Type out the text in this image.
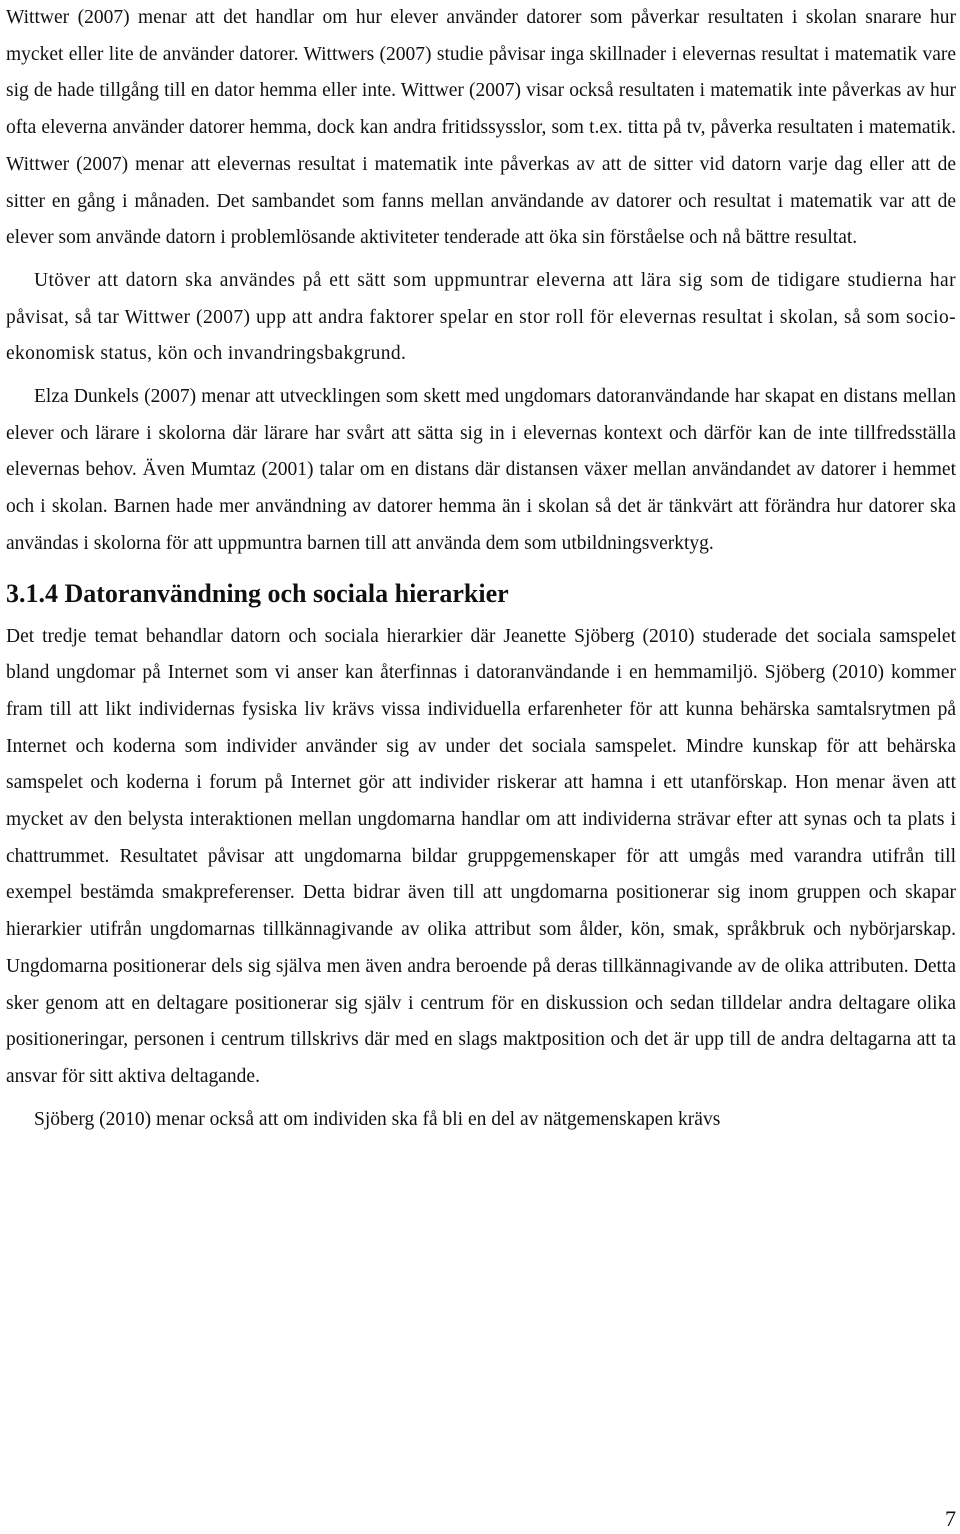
Wittwer (2007) menar att det handlar om hur elever använder datorer som påverkar resultaten i skolan snarare hur mycket eller lite de använder datorer. Wittwers (2007) studie påvisar inga skillnader i elevernas resultat i matematik vare sig de hade tillgång till en dator hemma eller inte. Wittwer (2007) visar också resultaten i matematik inte påverkas av hur ofta eleverna använder datorer hemma, dock kan andra fritidssysslor, som t.ex. titta på tv, påverka resultaten i matematik. Wittwer (2007) menar att elevernas resultat i matematik inte påverkas av att de sitter vid datorn varje dag eller att de sitter en gång i månaden. Det sambandet som fanns mellan användande av datorer och resultat i matematik var att de elever som använde datorn i problemlösande aktiviteter tenderade att öka sin förståelse och nå bättre resultat.

Utöver att datorn ska användes på ett sätt som uppmuntrar eleverna att lära sig som de tidigare studierna har påvisat, så tar Wittwer (2007) upp att andra faktorer spelar en stor roll för elevernas resultat i skolan, så som socio-ekonomisk status, kön och invandringsbakgrund.

Elza Dunkels (2007) menar att utvecklingen som skett med ungdomars datoranvändande har skapat en distans mellan elever och lärare i skolorna där lärare har svårt att sätta sig in i elevernas kontext och därför kan de inte tillfredsställa elevernas behov. Även Mumtaz (2001) talar om en distans där distansen växer mellan användandet av datorer i hemmet och i skolan. Barnen hade mer användning av datorer hemma än i skolan så det är tänkvärt att förändra hur datorer ska användas i skolorna för att uppmuntra barnen till att använda dem som utbildningsverktyg.

3.1.4 Datoranvändning och sociala hierarkier

Det tredje temat behandlar datorn och sociala hierarkier där Jeanette Sjöberg (2010) studerade det sociala samspelet bland ungdomar på Internet som vi anser kan återfinnas i datoranvändande i en hemmamiljö. Sjöberg (2010) kommer fram till att likt individernas fysiska liv krävs vissa individuella erfarenheter för att kunna behärska samtalsrytmen på Internet och koderna som individer använder sig av under det sociala samspelet. Mindre kunskap för att behärska samspelet och koderna i forum på Internet gör att individer riskerar att hamna i ett utanförskap. Hon menar även att mycket av den belysta interaktionen mellan ungdomarna handlar om att individerna strävar efter att synas och ta plats i chattrummet. Resultatet påvisar att ungdomarna bildar gruppgemenskaper för att umgås med varandra utifrån till exempel bestämda smakpreferenser. Detta bidrar även till att ungdomarna positionerar sig inom gruppen och skapar hierarkier utifrån ungdomarnas tillkännagivande av olika attribut som ålder, kön, smak, språkbruk och nybörjarskap. Ungdomarna positionerar dels sig själva men även andra beroende på deras tillkännagivande av de olika attributen. Detta sker genom att en deltagare positionerar sig själv i centrum för en diskussion och sedan tilldelar andra deltagare olika positioneringar, personen i centrum tillskrivs där med en slags maktposition och det är upp till de andra deltagarna att ta ansvar för sitt aktiva deltagande.

Sjöberg (2010) menar också att om individen ska få bli en del av nätgemenskapen krävs

7
